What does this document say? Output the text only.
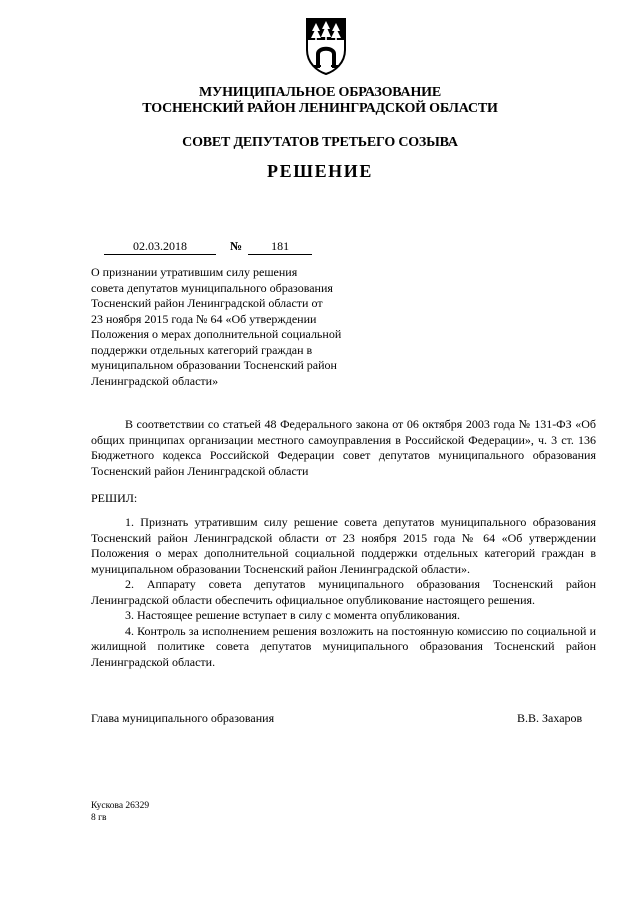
МУНИЦИПАЛЬНОЕ ОБРАЗОВАНИЕ
ТОСНЕНСКИЙ РАЙОН ЛЕНИНГРАДСКОЙ ОБЛАСТИ
СОВЕТ ДЕПУТАТОВ ТРЕТЬЕГО СОЗЫВА
РЕШЕНИЕ
02.03.2018	№ 181
О признании утратившим силу решения
совета депутатов муниципального образования
Тосненский район Ленинградской области от
23 ноября 2015 года № 64 «Об утверждении
Положения о мерах дополнительной социальной
поддержки отдельных категорий граждан в
муниципальном образовании Тосненский район
Ленинградской области»
В соответствии со статьей 48 Федерального закона от 06 октября 2003 года № 131-ФЗ «Об общих принципах организации местного самоуправления в Российской Федерации», ч. 3 ст. 136 Бюджетного кодекса Российской Федерации совет депутатов муниципального образования Тосненский район Ленинградской области
РЕШИЛ:

1. Признать утратившим силу решение совета депутатов муниципального образования Тосненский район Ленинградской области от 23 ноября 2015 года № 64 «Об утверждении Положения о мерах дополнительной социальной поддержки отдельных категорий граждан в муниципальном образовании Тосненский район Ленинградской области».

2. Аппарату совета депутатов муниципального образования Тосненский район Ленинградской области обеспечить официальное опубликование настоящего решения.

3. Настоящее решение вступает в силу с момента опубликования.

4. Контроль за исполнением решения возложить на постоянную комиссию по социальной и жилищной политике совета депутатов муниципального образования Тосненский район Ленинградской области.

Глава муниципального образования	В.В. Захаров
Кускова 26329
8 гв
